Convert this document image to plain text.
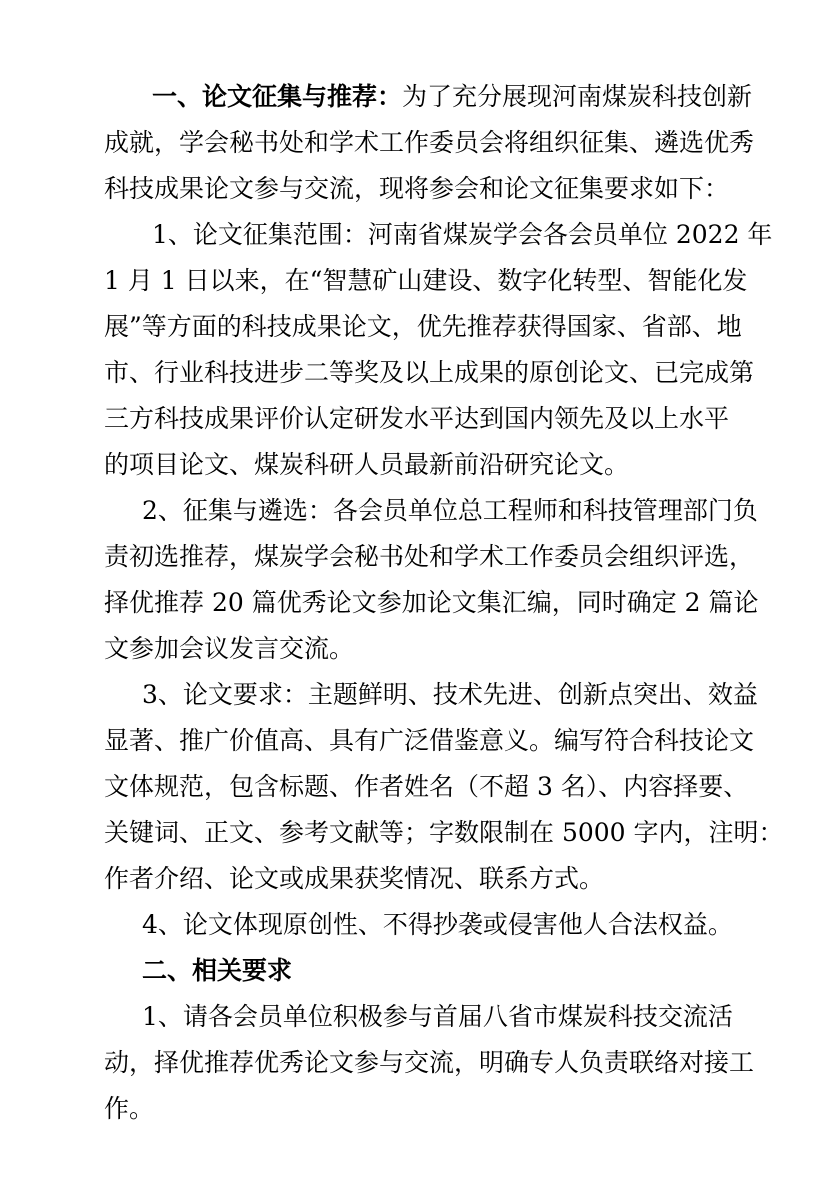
一、论文征集与推荐：为了充分展现河南煤炭科技创新
成就，学会秘书处和学术工作委员会将组织征集、遴选优秀
科技成果论文参与交流，现将参会和论文征集要求如下：
1、论文征集范围：河南省煤炭学会各会员单位 2022 年
1 月 1 日以来，在“智慧矿山建设、数字化转型、智能化发
展”等方面的科技成果论文，优先推荐获得国家、省部、地
市、行业科技进步二等奖及以上成果的原创论文、已完成第
三方科技成果评价认定研发水平达到国内领先及以上水平
的项目论文、煤炭科研人员最新前沿研究论文。
2、征集与遴选：各会员单位总工程师和科技管理部门负
责初选推荐，煤炭学会秘书处和学术工作委员会组织评选，
择优推荐 20 篇优秀论文参加论文集汇编，同时确定 2 篇论
文参加会议发言交流。
3、论文要求：主题鲜明、技术先进、创新点突出、效益
显著、推广价值高、具有广泛借鉴意义。编写符合科技论文
文体规范，包含标题、作者姓名（不超 3 名）、内容择要、
关键词、正文、参考文献等；字数限制在 5000 字内，注明：
作者介绍、论文或成果获奖情况、联系方式。
4、论文体现原创性、不得抄袭或侵害他人合法权益。
二、相关要求
1、请各会员单位积极参与首届八省市煤炭科技交流活
动，择优推荐优秀论文参与交流，明确专人负责联络对接工
作。
